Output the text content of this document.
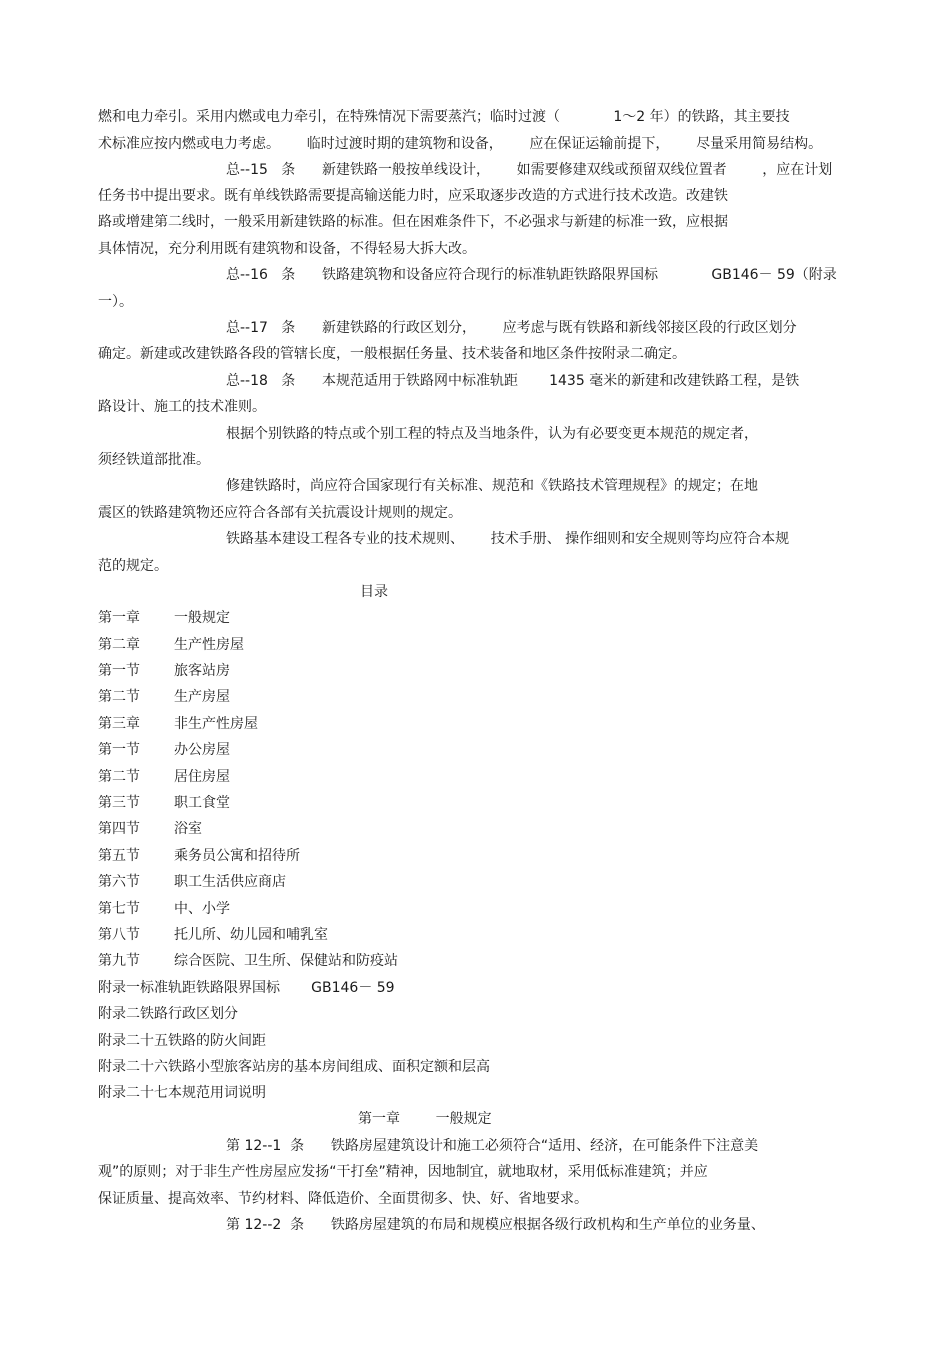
燃和电力牵引。采用内燃或电力牵引，在特殊情况下需要蒸汽；临时过渡（            1～2 年）的铁路，其主要技
术标准应按内燃或电力考虑。      临时过渡时期的建筑物和设备，      应在保证运输前提下，      尽量采用简易结构。
总--15   条      新建铁路一般按单线设计，      如需要修建双线或预留双线位置者        ，应在计划
任务书中提出要求。既有单线铁路需要提高输送能力时，应采取逐步改造的方式进行技术改造。改建铁
路或增建第二线时，一般采用新建铁路的标准。但在困难条件下，不必强求与新建的标准一致，应根据
具体情况，充分利用既有建筑物和设备，不得轻易大拆大改。
总--16   条      铁路建筑物和设备应符合现行的标准轨距铁路限界国标            GB146－ 59（附录
一）。
总--17   条      新建铁路的行政区划分，      应考虑与既有铁路和新线邻接区段的行政区划分
确定。新建或改建铁路各段的管辖长度，一般根据任务量、技术装备和地区条件按附录二确定。
总--18   条      本规范适用于铁路网中标准轨距       1435 毫米的新建和改建铁路工程，是铁
路设计、施工的技术准则。
根据个别铁路的特点或个别工程的特点及当地条件，认为有必要变更本规范的规定者，
须经铁道部批准。
修建铁路时，尚应符合国家现行有关标准、规范和《铁路技术管理规程》的规定；在地
震区的铁路建筑物还应符合各部有关抗震设计规则的规定。
铁路基本建设工程各专业的技术规则、      技术手册、 操作细则和安全规则等均应符合本规
范的规定。
目录
第一章 一般规定
第二章 生产性房屋
第一节 旅客站房
第二节 生产房屋
第三章 非生产性房屋
第一节 办公房屋
第二节 居住房屋
第三节 职工食堂
第四节 浴室
第五节 乘务员公寓和招待所
第六节 职工生活供应商店
第七节 中、小学
第八节 托儿所、幼儿园和哺乳室
第九节 综合医院、卫生所、保健站和防疫站
附录一标准轨距铁路限界国标       GB146－ 59
附录二铁路行政区划分
附录二十五铁路的防火间距
附录二十六铁路小型旅客站房的基本房间组成、面积定额和层高
附录二十七本规范用词说明
第一章        一般规定
第 12--1  条      铁路房屋建筑设计和施工必须符合“适用、经济，在可能条件下注意美
观”的原则；对于非生产性房屋应发扬“干打垒”精神，因地制宜，就地取材，采用低标准建筑；并应
保证质量、提高效率、节约材料、降低造价、全面贯彻多、快、好、省地要求。
第 12--2  条      铁路房屋建筑的布局和规模应根据各级行政机构和生产单位的业务量、
